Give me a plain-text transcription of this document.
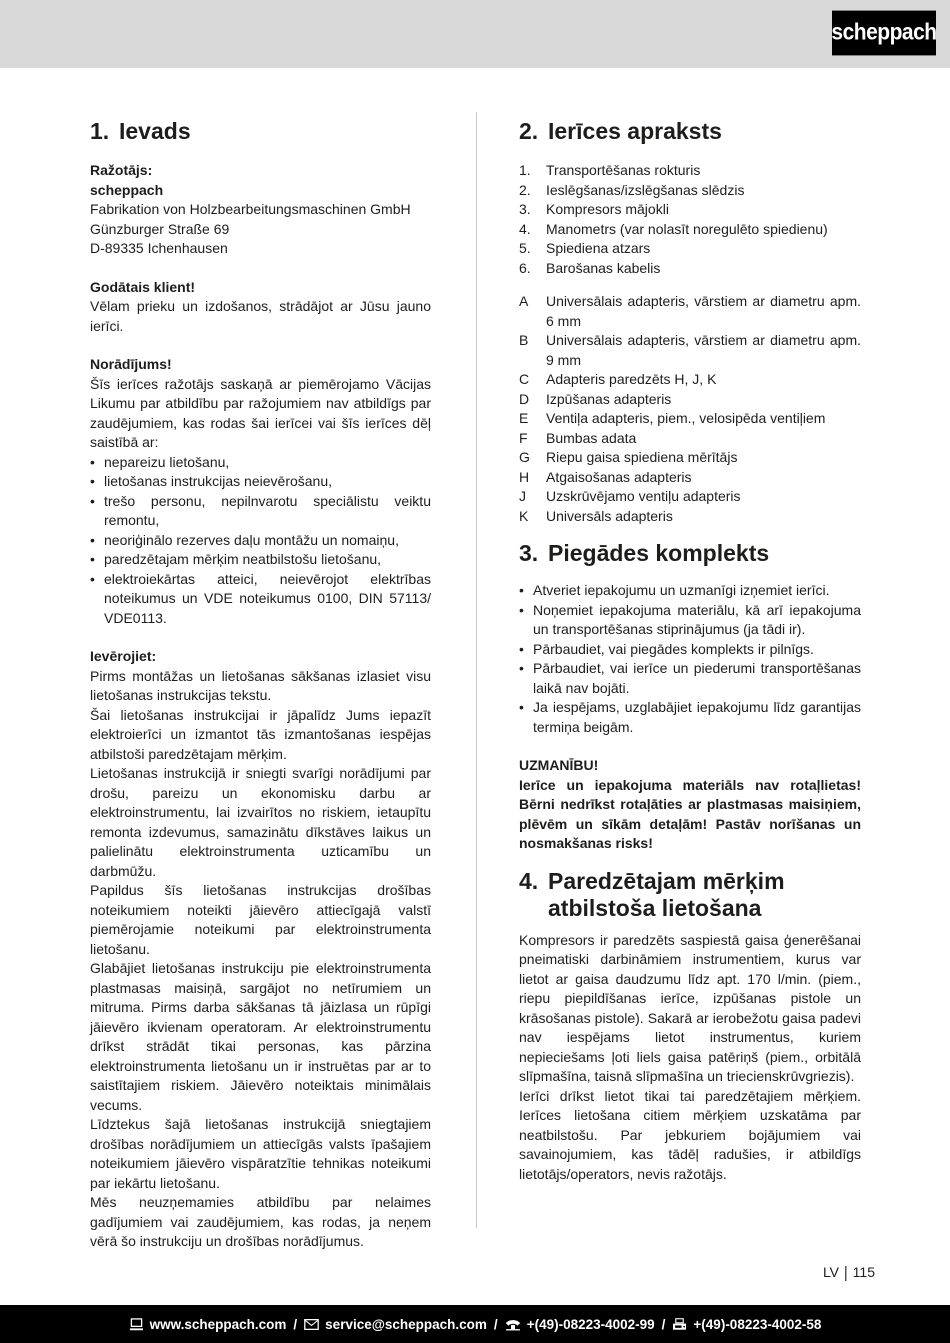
scheppach
1. Ievads

Ražotājs:

scheppach

Fabrikation von Holzbearbeitungsmaschinen GmbH

Günzburger Straße 69

D-89335 Ichenhausen

Godātais klient!

Vēlam prieku un izdošanos, strādājot ar Jūsu jauno ierīci.

Norādījums!

Šīs ierīces ražotājs saskaņā ar piemērojamo Vācijas Likumu par atbildību par ražojumiem nav atbildīgs par zaudējumiem, kas rodas šai ierīcei vai šīs ierīces dēļ saistībā ar:

• nepareizu lietošanu,
• lietošanas instrukcijas neievērošanu,
• trešo personu, nepilnvarotu speciālistu veiktu remontu,
• neoriģinālo rezerves daļu montāžu un nomaiņu,
• paredzētajam mērķim neatbilstošu lietošanu,
• elektroiekārtas atteici, neievērojot elektrības noteikumus un VDE noteikumus 0100, DIN 57113/ VDE0113.

Ievērojiet:

Pirms montāžas un lietošanas sākšanas izlasiet visu lietošanas instrukcijas tekstu.

Šai lietošanas instrukcijai ir jāpalīdz Jums iepazīt elektroierīci un izmantot tās izmantošanas iespējas atbilstoši paredzētajam mērķim.

Lietošanas instrukcijā ir sniegti svarīgi norādījumi par drošu, pareizu un ekonomisku darbu ar elektroinstrumentu, lai izvairītos no riskiem, ietaupītu remonta izdevumus, samazinātu dīkstāves laikus un palielinātu elektroinstrumenta uzticamību un darbmūžu.

Papildus šīs lietošanas instrukcijas drošības noteikumiem noteikti jāievēro attiecīgajā valstī piemērojamie noteikumi par elektroinstrumenta lietošanu.

Glabājiet lietošanas instrukciju pie elektroinstrumenta plastmasas maisiņā, sargājot no netīrumiem un mitruma. Pirms darba sākšanas tā jāizlasa un rūpīgi jāievēro ikvienam operatoram. Ar elektroinstrumentu drīkst strādāt tikai personas, kas pārzina elektroinstrumenta lietošanu un ir instruētas par ar to saistītajiem riskiem. Jāievēro noteiktais minimālais vecums.

Līdztekus šajā lietošanas instrukcijā sniegtajiem drošības norādījumiem un attiecīgās valsts īpašajiem noteikumiem jāievēro vispāratzītie tehnikas noteikumi par iekārtu lietošanu.

Mēs neuzņemamies atbildību par nelaimes gadījumiem vai zaudējumiem, kas rodas, ja neņem vērā šo instrukciju un drošības norādījumus.

2. Ierīces apraksts
1.	Transportēšanas rokturis
2.	Ieslēgšanas/izslēgšanas slēdzis
3.	Kompresors mājokli
4.	Manometrs (var nolasīt noregulēto spiedienu)
5.	Spiediena atzars
6.	Barošanas kabelis
A	Universālais adapteris, vārstiem ar diametru apm. 6 mm
B	Universālais adapteris, vārstiem ar diametru apm. 9 mm
C	Adapteris paredzēts H, J, K
D	Izpūšanas adapteris
E	Ventiļa adapteris, piem., velosipēda ventiļiem
F	Bumbas adata
G	Riepu gaisa spiediena mērītājs
H	Atgaisošanas adapteris
J	Uzskrūvējamo ventiļu adapteris
K	Universāls adapteris
3. Piegādes komplekts
• Atveriet iepakojumu un uzmanīgi izņemiet ierīci.
• Noņemiet iepakojuma materiālu, kā arī iepakojuma un transportēšanas stiprinājumus (ja tādi ir).
• Pārbaudiet, vai piegādes komplekts ir pilnīgs.
• Pārbaudiet, vai ierīce un piederumi transportēšanas laikā nav bojāti.
• Ja iespējams, uzglabājiet iepakojumu līdz garantijas termiņa beigām.

UZMANĪBU!

Ierīce un iepakojuma materiāls nav rotaļlietas! Bērni nedrīkst rotaļāties ar plastmasas maisiņiem, plēvēm un sīkām detaļām! Pastāv norīšanas un nosmakšanas risks!

4. Paredzētajam mērķim atbilstoša lietošana

Kompresors ir paredzēts saspiestā gaisa ģenerēšanai pneimatiski darbināmiem instrumentiem, kurus var lietot ar gaisa daudzumu līdz apt. 170 l/min. (piem., riepu piepildīšanas ierīce, izpūšanas pistole un krāsošanas pistole). Sakarā ar ierobežotu gaisa padevi nav iespējams lietot instrumentus, kuriem nepieciešams ļoti liels gaisa patēriņš (piem., orbitālā slīpmašīna, taisnā slīpmašīna un triecienskrūvgriezis).

Ierīci drīkst lietot tikai tai paredzētajiem mērķiem. Ierīces lietošana citiem mērķiem uzskatāma par neatbilstošu. Par jebkuriem bojājumiem vai savainojumiem, kas tādēļ radušies, ir atbildīgs lietotājs/operators, nevis ražotājs.

LV | 115
www.scheppach.com / service@scheppach.com / +(49)-08223-4002-99 / +(49)-08223-4002-58
